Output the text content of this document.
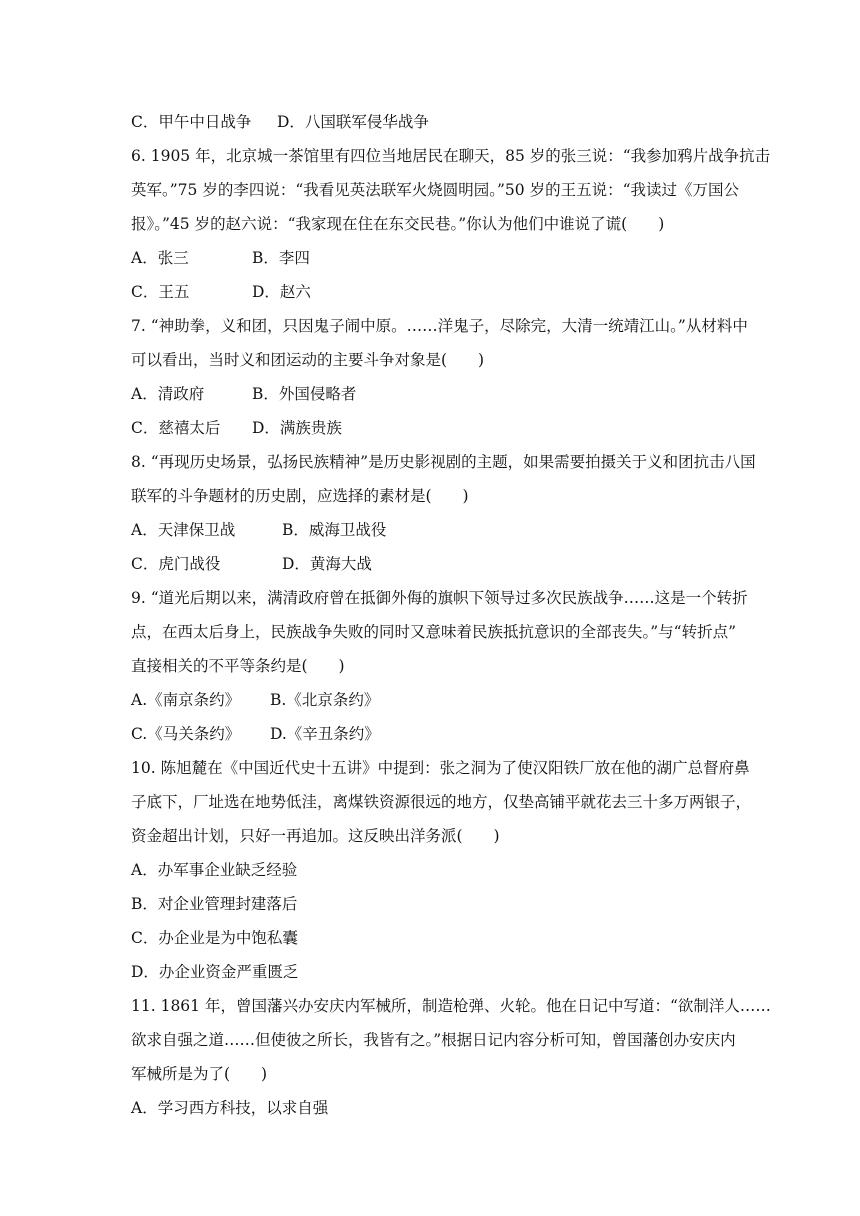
C．甲午中日战争

D．八国联军侵华战争

6. 1905 年，北京城一茶馆里有四位当地居民在聊天，85 岁的张三说：“我参加鸦片战争抗击
英军。”75 岁的李四说：“我看见英法联军火烧圆明园。”50 岁的王五说：“我读过《万国公
报》。”45 岁的赵六说：“我家现在住在东交民巷。”你认为他们中谁说了谎(　　)

A．张三

	B．李四

C．王五

	D．赵六

7. “神助拳，义和团，只因鬼子闹中原。……洋鬼子，尽除完，大清一统靖江山。”从材料中
可以看出，当时义和团运动的主要斗争对象是(　　)

A．清政府

	B．外国侵略者

C．慈禧太后

D．满族贵族

8. “再现历史场景，弘扬民族精神”是历史影视剧的主题，如果需要拍摄关于义和团抗击八国
联军的斗争题材的历史剧，应选择的素材是(　　)

A．天津保卫战

	B．威海卫战役

C．虎门战役

	D．黄海大战

9. “道光后期以来，满清政府曾在抵御外侮的旗帜下领导过多次民族战争……这是一个转折
点，在西太后身上，民族战争失败的同时又意味着民族抵抗意识的全部丧失。”与“转折点”
直接相关的不平等条约是(　　)

A.《南京条约》

B.《北京条约》

C.《马关条约》

D.《辛丑条约》

10. 陈旭麓在《中国近代史十五讲》中提到：张之洞为了使汉阳铁厂放在他的湖广总督府鼻
子底下，厂址选在地势低洼，离煤铁资源很远的地方，仅垫高铺平就花去三十多万两银子，
资金超出计划，只好一再追加。这反映出洋务派(　　)
A．办军事企业缺乏经验
B．对企业管理封建落后
C．办企业是为中饱私囊
D．办企业资金严重匮乏
11. 1861 年，曾国藩兴办安庆内军械所，制造枪弹、火轮。他在日记中写道：“欲制洋人……
欲求自强之道……但使彼之所长，我皆有之。”根据日记内容分析可知，曾国藩创办安庆内
军械所是为了(　　)
A．学习西方科技，以求自强
